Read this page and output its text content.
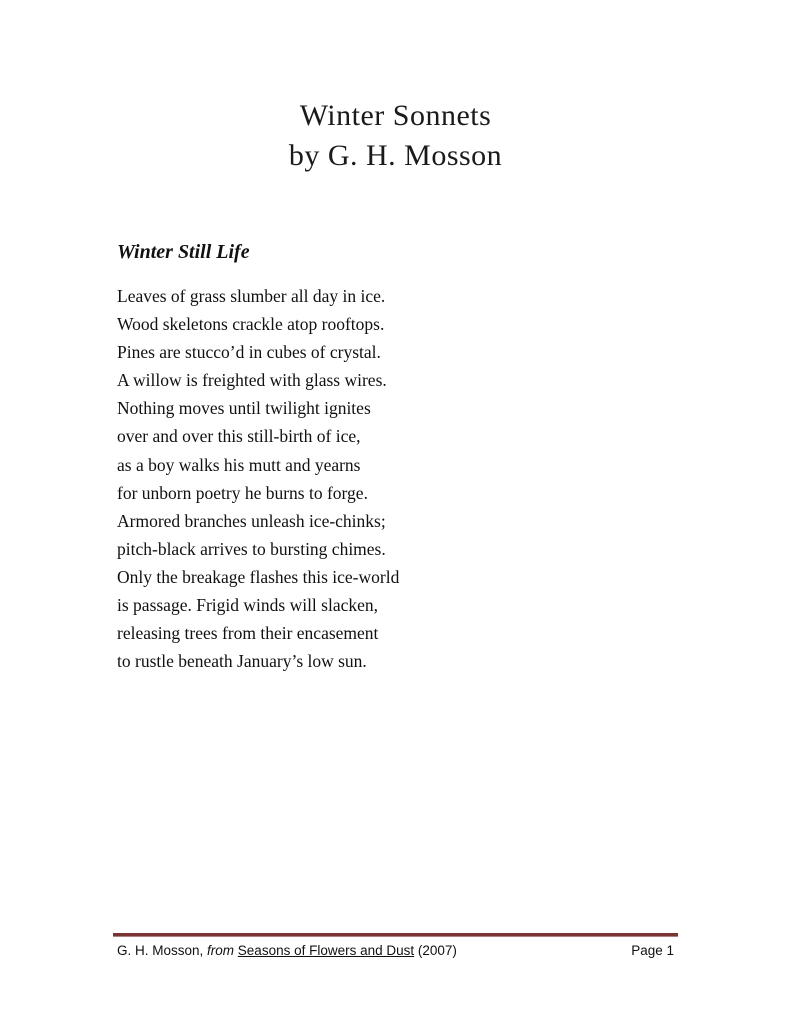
Winter Sonnets
by G. H. Mosson
Winter Still Life
Leaves of grass slumber all day in ice.
Wood skeletons crackle atop rooftops.
Pines are stucco’d in cubes of crystal.
A willow is freighted with glass wires.
Nothing moves until twilight ignites
over and over this still-birth of ice,
as a boy walks his mutt and yearns
for unborn poetry he burns to forge.
Armored branches unleash ice-chinks;
pitch-black arrives to bursting chimes.
Only the breakage flashes this ice-world
is passage. Frigid winds will slacken,
releasing trees from their encasement
to rustle beneath January’s low sun.
G. H. Mosson, from Seasons of Flowers and Dust (2007)	Page 1
